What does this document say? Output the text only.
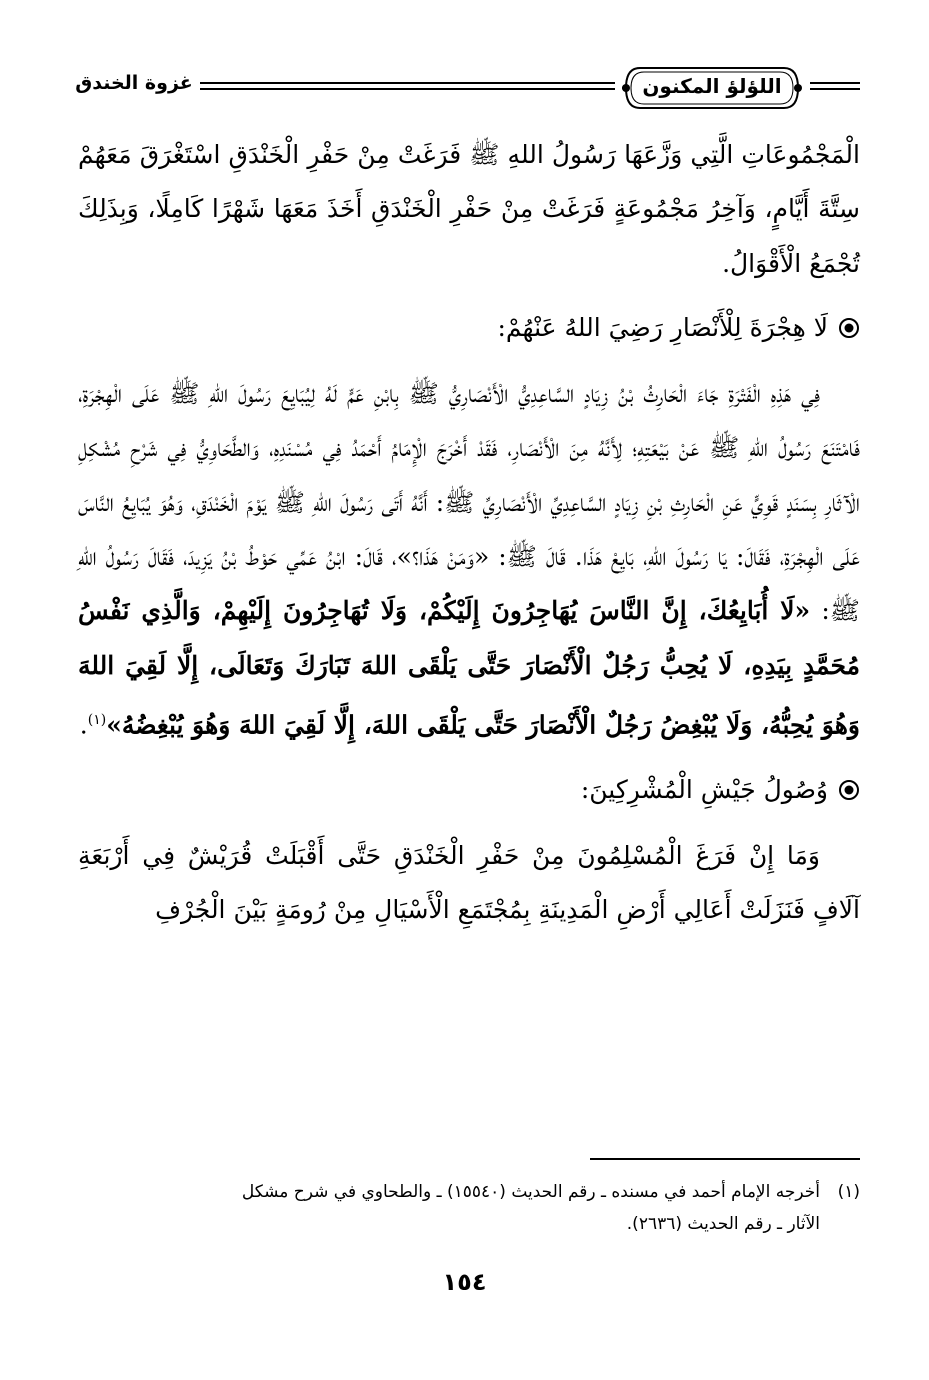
اللؤلؤ المكنون
غزوة الخندق

الْمَجْمُوعَاتِ الَّتِي وَزَّعَهَا رَسُولُ اللهِ ﷺ فَرَغَتْ مِنْ حَفْرِ الْخَنْدَقِ اسْتَغْرَقَ مَعَهُمْ سِتَّةَ أَيَّامٍ، وَآخِرُ مَجْمُوعَةٍ فَرَغَتْ مِنْ حَفْرِ الْخَنْدَقِ أَخَذَ مَعَهَا شَهْرًا كَامِلًا، وَبِذَلِكَ تُجْمَعُ الْأَقْوَالُ.

لَا هِجْرَةَ لِلْأَنْصَارِ رَضِيَ اللهُ عَنْهُمْ:

فِي هَذِهِ الْفَتْرَةِ جَاءَ الْحَارِثُ بْنُ زِيَادٍ السَّاعِدِيُّ الْأَنْصَارِيُّ ﷺ بِابْنِ عَمٍّ لَهُ لِيُبَايِعَ رَسُولَ اللهِ ﷺ عَلَى الْهِجْرَةِ، فَامْتَنَعَ رَسُولُ اللهِ ﷺ عَنْ بَيْعَتِهِ؛ لِأَنَّهُ مِنَ الْأَنْصَارِ، فَقَدْ أَخْرَجَ الْإِمَامُ أَحْمَدُ فِي مُسْنَدِهِ، وَالطَّحَاوِيُّ فِي شَرْحِ مُشْكِلِ الْآثَارِ بِسَنَدٍ قَوِيٍّ عَنِ الْحَارِثِ بْنِ زِيَادٍ السَّاعِدِيِّ الْأَنْصَارِيِّ ﷺ: أَنَّهُ أَتَى رَسُولَ اللهِ ﷺ يَوْمَ الْخَنْدَقِ، وَهُوَ يُبَايِعُ النَّاسَ عَلَى الْهِجْرَةِ، فَقَالَ: يَا رَسُولَ اللهِ، بَايِعْ هَذَا. قَالَ ﷺ: «وَمَنْ هَذَا؟»، قَالَ: ابْنُ عَمِّي حَوْطُ بْنُ يَزِيدَ، فَقَالَ رَسُولُ اللهِ ﷺ: «لَا أُبَايِعُكَ، إِنَّ النَّاسَ يُهَاجِرُونَ إِلَيْكُمْ، وَلَا تُهَاجِرُونَ إِلَيْهِمْ، وَالَّذِي نَفْسُ مُحَمَّدٍ بِيَدِهِ، لَا يُحِبُّ رَجُلٌ الْأَنْصَارَ حَتَّى يَلْقَى اللهَ تَبَارَكَ وَتَعَالَى، إِلَّا لَقِيَ اللهَ وَهُوَ يُحِبُّهُ، وَلَا يُبْغِضُ رَجُلٌ الْأَنْصَارَ حَتَّى يَلْقَى اللهَ، إِلَّا لَقِيَ اللهَ وَهُوَ يُبْغِضُهُ»$^{(١)}$.

وُصُولُ جَيْشِ الْمُشْرِكِينَ:

وَمَا إِنْ فَرَغَ الْمُسْلِمُونَ مِنْ حَفْرِ الْخَنْدَقِ حَتَّى أَقْبَلَتْ قُرَيْشٌ فِي أَرْبَعَةِ آلَافٍ فَنَزَلَتْ أَعَالِي أَرْضِ الْمَدِينَةِ بِمُجْتَمَعِ الْأَسْيَالِ مِنْ رُومَةٍ بَيْنَ الْجُرْفِ

(١)أخرجه الإمام أحمد في مسنده ـ رقم الحديث (١٥٥٤٠) ـ والطحاوي في شرح مشكل
الآثار ـ رقم الحديث (٢٦٣٦).
١٥٤
